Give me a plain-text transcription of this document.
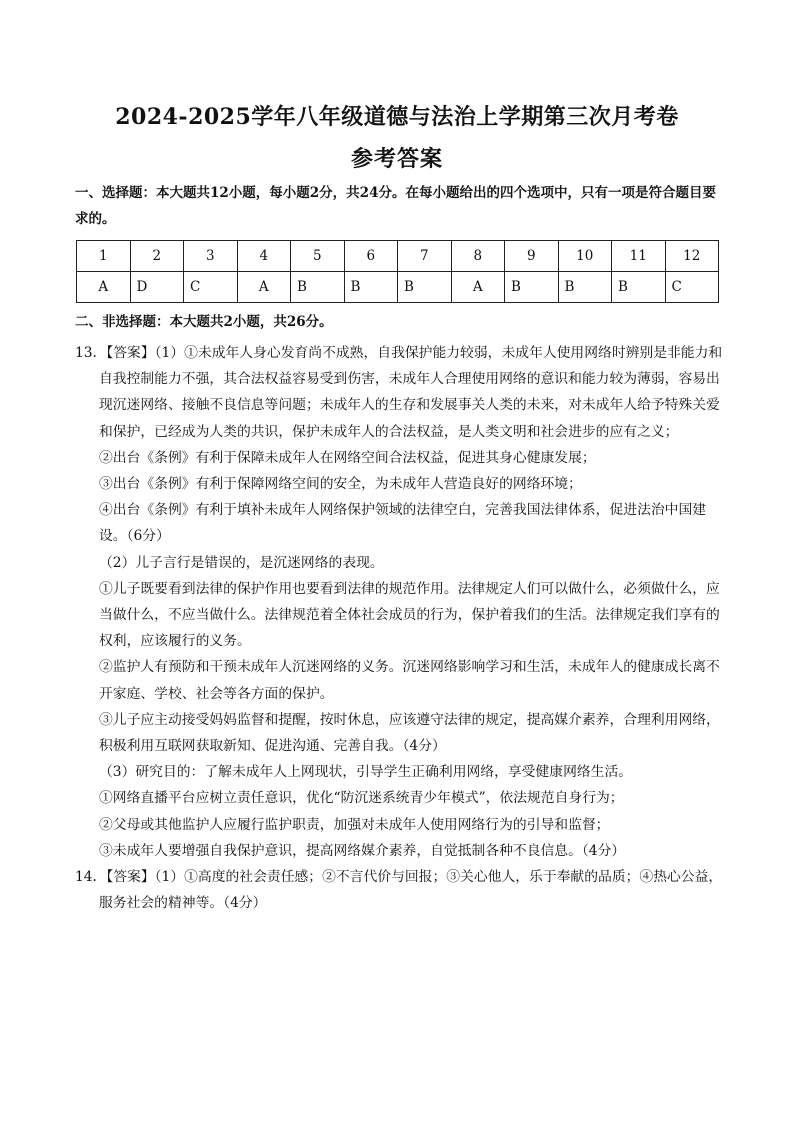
2024-2025学年八年级道德与法治上学期第三次月考卷
参考答案
一、选择题：本大题共12小题，每小题2分，共24分。在每小题给出的四个选项中，只有一项是符合题目要求的。
1	2	3	4	5	6	7	8	9	10	11	12
A	D	C	A	B	B	B	A	B	B	B	C
二、非选择题：本大题共2小题，共26分。

13．【答案】（1）①未成年人身心发育尚不成熟，自我保护能力较弱，未成年人使用网络时辨别是非能力和自我控制能力不强，其合法权益容易受到伤害，未成年人合理使用网络的意识和能力较为薄弱，容易出现沉迷网络、接触不良信息等问题；未成年人的生存和发展事关人类的未来，对未成年人给予特殊关爱和保护，已经成为人类的共识，保护未成年人的合法权益，是人类文明和社会进步的应有之义；

②出台《条例》有利于保障未成年人在网络空间合法权益，促进其身心健康发展；

③出台《条例》有利于保障网络空间的安全，为未成年人营造良好的网络环境；

④出台《条例》有利于填补未成年人网络保护领域的法律空白，完善我国法律体系，促进法治中国建设。（6分）

（2）儿子言行是错误的，是沉迷网络的表现。

①儿子既要看到法律的保护作用也要看到法律的规范作用。法律规定人们可以做什么，必须做什么，应当做什么，不应当做什么。法律规范着全体社会成员的行为，保护着我们的生活。法律规定我们享有的权利，应该履行的义务。

②监护人有预防和干预未成年人沉迷网络的义务。沉迷网络影响学习和生活，未成年人的健康成长离不开家庭、学校、社会等各方面的保护。

③儿子应主动接受妈妈监督和提醒，按时休息，应该遵守法律的规定，提高媒介素养，合理利用网络，积极利用互联网获取新知、促进沟通、完善自我。（4分）

（3）研究目的：了解未成年人上网现状，引导学生正确利用网络，享受健康网络生活。

①网络直播平台应树立责任意识，优化“防沉迷系统青少年模式”，依法规范自身行为；

②父母或其他监护人应履行监护职责，加强对未成年人使用网络行为的引导和监督；

③未成年人要增强自我保护意识，提高网络媒介素养，自觉抵制各种不良信息。（4分）

14．【答案】（1）①高度的社会责任感；②不言代价与回报；③关心他人，乐于奉献的品质；④热心公益，服务社会的精神等。（4分）
